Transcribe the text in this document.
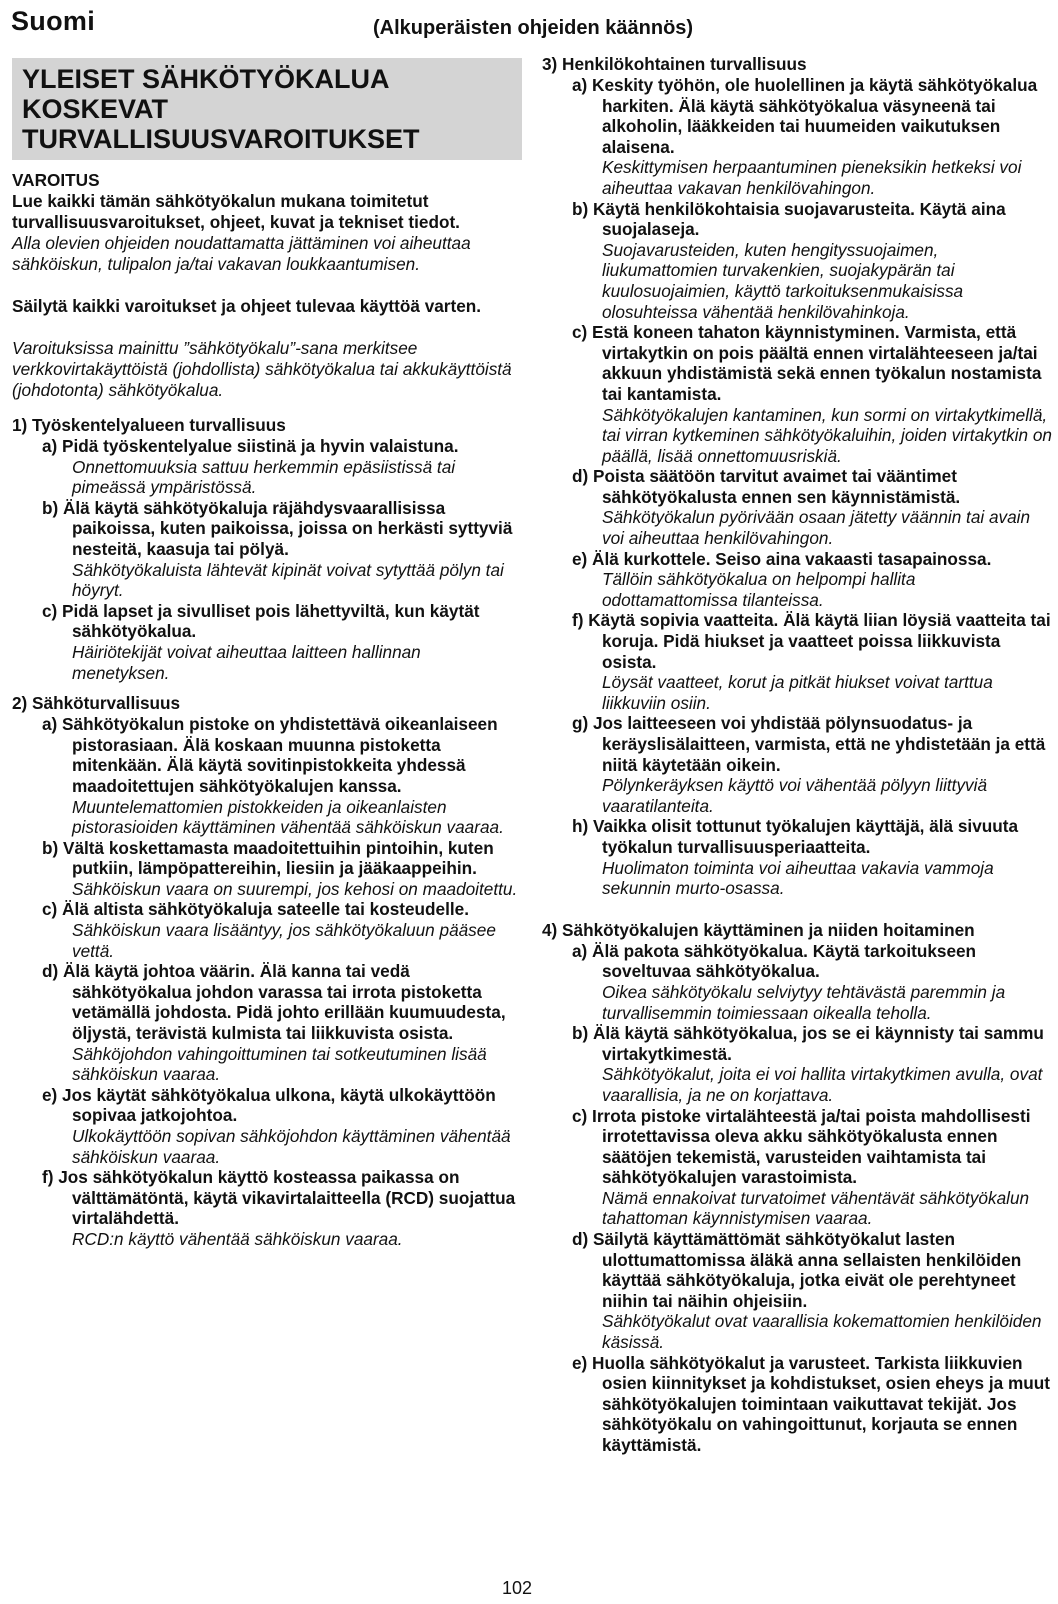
Suomi	(Alkuperäisten ohjeiden käännös)
YLEISET SÄHKÖTYÖKALUA
KOSKEVAT
TURVALLISUUSVAROITUKSET

VAROITUS

Lue kaikki tämän sähkötyökalun mukana toimitetut turvallisuusvaroitukset, ohjeet, kuvat ja tekniset tiedot.

Alla olevien ohjeiden noudattamatta jättäminen voi aiheuttaa sähköiskun, tulipalon ja/tai vakavan loukkaantumisen.

Säilytä kaikki varoitukset ja ohjeet tulevaa käyttöä varten.

Varoituksissa mainittu ”sähkötyökalu”-sana merkitsee verkkovirtakäyttöistä (johdollista) sähkötyökalua tai akkukäyttöistä (johdotonta) sähkötyökalua.

1) Työskentelyalueen turvallisuus

a) Pidä työskentelyalue siistinä ja hyvin valaistuna.

Onnettomuuksia sattuu herkemmin epäsiistissä tai pimeässä ympäristössä.

b) Älä käytä sähkötyökaluja räjähdysvaarallisissa paikoissa, kuten paikoissa, joissa on herkästi syttyviä nesteitä, kaasuja tai pölyä.

Sähkötyökaluista lähtevät kipinät voivat sytyttää pölyn tai höyryt.

c) Pidä lapset ja sivulliset pois lähettyviltä, kun käytät sähkötyökalua.

Häiriötekijät voivat aiheuttaa laitteen hallinnan menetyksen.

2) Sähköturvallisuus

a) Sähkötyökalun pistoke on yhdistettävä oikeanlaiseen pistorasiaan. Älä koskaan muunna pistoketta mitenkään. Älä käytä sovitinpistokkeita yhdessä maadoitettujen sähkötyökalujen kanssa.

Muuntelemattomien pistokkeiden ja oikeanlaisten pistorasioiden käyttäminen vähentää sähköiskun vaaraa.

b) Vältä koskettamasta maadoitettuihin pintoihin, kuten putkiin, lämpöpattereihin, liesiin ja jääkaappeihin.

Sähköiskun vaara on suurempi, jos kehosi on maadoitettu.

c) Älä altista sähkötyökaluja sateelle tai kosteudelle.

Sähköiskun vaara lisääntyy, jos sähkötyökaluun pääsee vettä.

d) Älä käytä johtoa väärin. Älä kanna tai vedä sähkötyökalua johdon varassa tai irrota pistoketta vetämällä johdosta. Pidä johto erillään kuumuudesta, öljystä, terävistä kulmista tai liikkuvista osista.

Sähköjohdon vahingoittuminen tai sotkeutuminen lisää sähköiskun vaaraa.

e) Jos käytät sähkötyökalua ulkona, käytä ulkokäyttöön sopivaa jatkojohtoa.

Ulkokäyttöön sopivan sähköjohdon käyttäminen vähentää sähköiskun vaaraa.

f) Jos sähkötyökalun käyttö kosteassa paikassa on välttämätöntä, käytä vikavirtalaitteella (RCD) suojattua virtalähdettä.

RCD:n käyttö vähentää sähköiskun vaaraa.

3) Henkilökohtainen turvallisuus

a) Keskity työhön, ole huolellinen ja käytä sähkötyökalua harkiten. Älä käytä sähkötyökalua väsyneenä tai alkoholin, lääkkeiden tai huumeiden vaikutuksen alaisena.

Keskittymisen herpaantuminen pieneksikin hetkeksi voi aiheuttaa vakavan henkilövahingon.

b) Käytä henkilökohtaisia suojavarusteita. Käytä aina suojalaseja.

Suojavarusteiden, kuten hengityssuojaimen, liukumattomien turvakenkien, suojakypärän tai kuulosuojaimien, käyttö tarkoituksenmukaisissa olosuhteissa vähentää henkilövahinkoja.

c) Estä koneen tahaton käynnistyminen. Varmista, että virtakytkin on pois päältä ennen virtalähteeseen ja/tai akkuun yhdistämistä sekä ennen työkalun nostamista tai kantamista.

Sähkötyökalujen kantaminen, kun sormi on virtakytkimellä, tai virran kytkeminen sähkötyökaluihin, joiden virtakytkin on päällä, lisää onnettomuusriskiä.

d) Poista säätöön tarvitut avaimet tai vääntimet sähkötyökalusta ennen sen käynnistämistä.

Sähkötyökalun pyörivään osaan jätetty väännin tai avain voi aiheuttaa henkilövahingon.

e) Älä kurkottele. Seiso aina vakaasti tasapainossa.

Tällöin sähkötyökalua on helpompi hallita odottamattomissa tilanteissa.

f) Käytä sopivia vaatteita. Älä käytä liian löysiä vaatteita tai koruja. Pidä hiukset ja vaatteet poissa liikkuvista osista.

Löysät vaatteet, korut ja pitkät hiukset voivat tarttua liikkuviin osiin.

g) Jos laitteeseen voi yhdistää pölynsuodatus- ja keräyslisälaitteen, varmista, että ne yhdistetään ja että niitä käytetään oikein.

Pölynkeräyksen käyttö voi vähentää pölyyn liittyviä vaaratilanteita.

h) Vaikka olisit tottunut työkalujen käyttäjä, älä sivuuta työkalun turvallisuusperiaatteita.

Huolimaton toiminta voi aiheuttaa vakavia vammoja sekunnin murto-osassa.

4) Sähkötyökalujen käyttäminen ja niiden hoitaminen

a) Älä pakota sähkötyökalua. Käytä tarkoitukseen soveltuvaa sähkötyökalua.

Oikea sähkötyökalu selviytyy tehtävästä paremmin ja turvallisemmin toimiessaan oikealla teholla.

b) Älä käytä sähkötyökalua, jos se ei käynnisty tai sammu virtakytkimestä.

Sähkötyökalut, joita ei voi hallita virtakytkimen avulla, ovat vaarallisia, ja ne on korjattava.

c) Irrota pistoke virtalähteestä ja/tai poista mahdollisesti irrotettavissa oleva akku sähkötyökalusta ennen säätöjen tekemistä, varusteiden vaihtamista tai sähkötyökalujen varastoimista.

Nämä ennakoivat turvatoimet vähentävät sähkötyökalun tahattoman käynnistymisen vaaraa.

d) Säilytä käyttämättömät sähkötyökalut lasten ulottumattomissa äläkä anna sellaisten henkilöiden käyttää sähkötyökaluja, jotka eivät ole perehtyneet niihin tai näihin ohjeisiin.

Sähkötyökalut ovat vaarallisia kokemattomien henkilöiden käsissä.

e) Huolla sähkötyökalut ja varusteet. Tarkista liikkuvien osien kiinnitykset ja kohdistukset, osien eheys ja muut sähkötyökalujen toimintaan vaikuttavat tekijät. Jos sähkötyökalu on vahingoittunut, korjauta se ennen käyttämistä.

102
